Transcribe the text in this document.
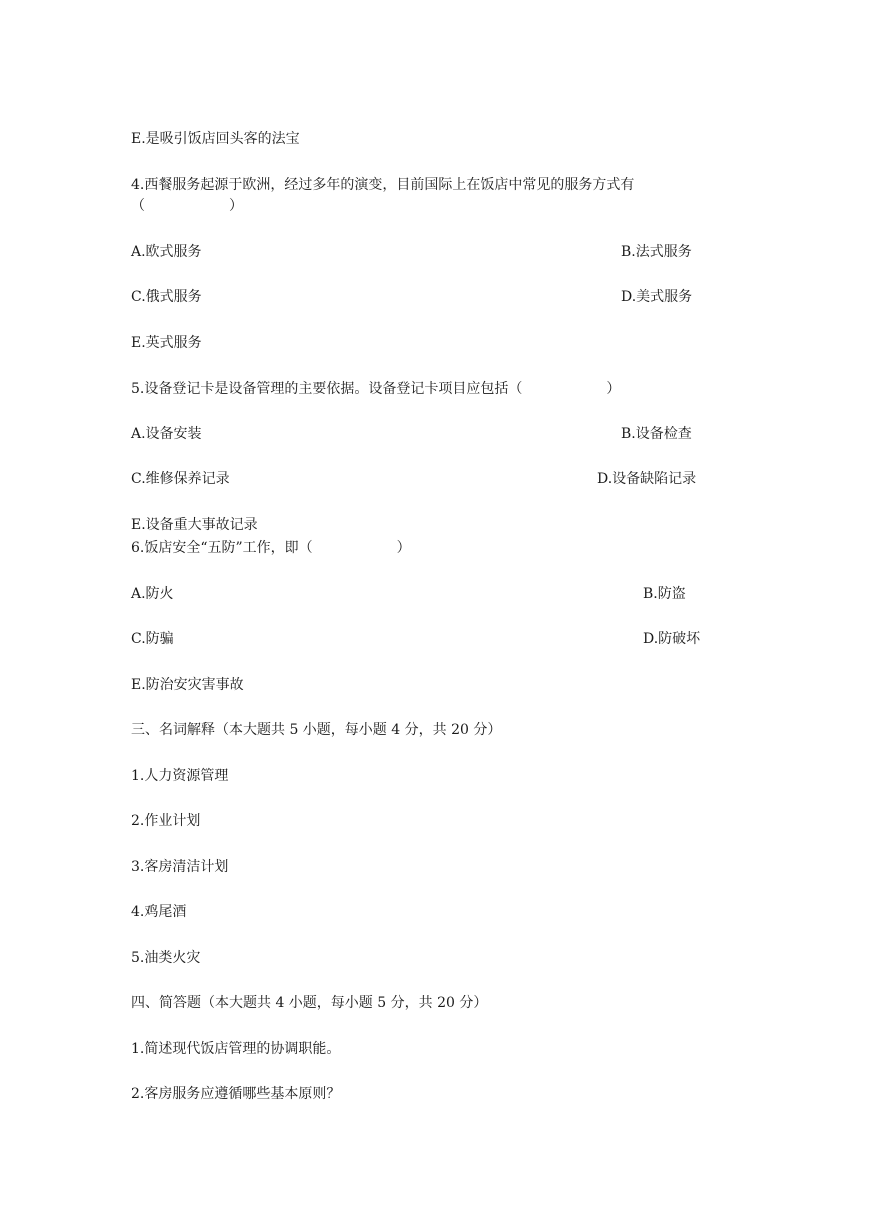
E.是吸引饭店回头客的法宝
4.西餐服务起源于欧洲，经过多年的演变，目前国际上在饭店中常见的服务方式有
（　　　　　　）
A.欧式服务	B.法式服务
C.俄式服务	D.美式服务
E.英式服务
5.设备登记卡是设备管理的主要依据。设备登记卡项目应包括（　　　　　　）
A.设备安装	B.设备检查
C.维修保养记录	D.设备缺陷记录
E.设备重大事故记录
6.饭店安全“五防”工作，即（　　　　　　）
A.防火	B.防盗
C.防骗	D.防破坏
E.防治安灾害事故
三、名词解释（本大题共 5 小题，每小题 4 分，共 20 分）
1.人力资源管理
2.作业计划
3.客房清洁计划
4.鸡尾酒
5.油类火灾
四、简答题（本大题共 4 小题，每小题 5 分，共 20 分）
1.简述现代饭店管理的协调职能。
2.客房服务应遵循哪些基本原则？
